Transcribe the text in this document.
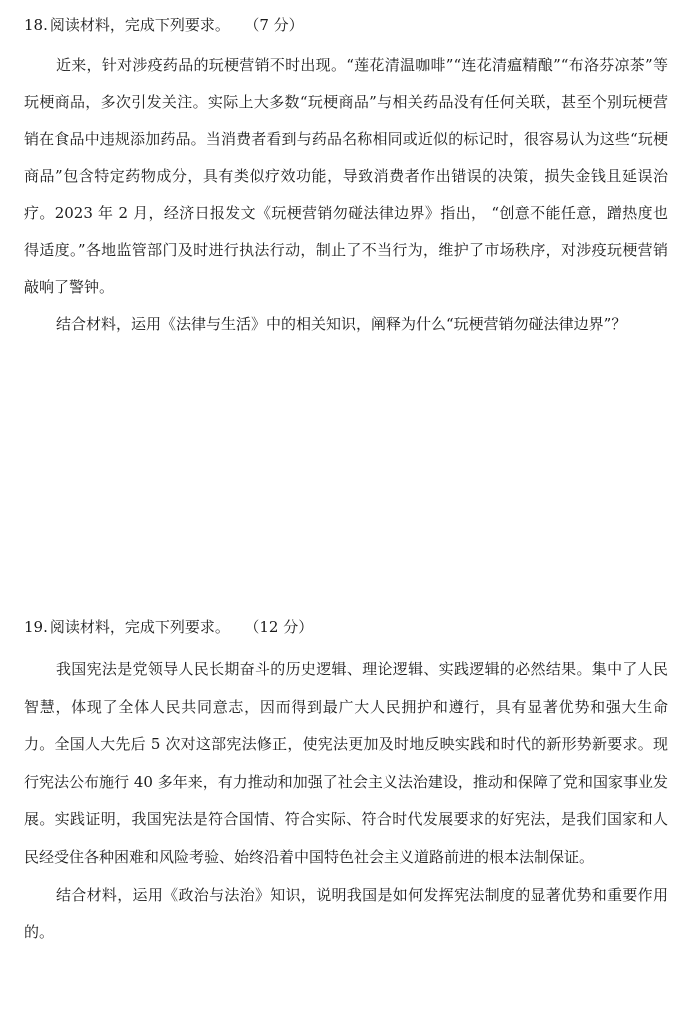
18. 阅读材料，完成下列要求。 （7 分）

近来，针对涉疫药品的玩梗营销不时出现。“莲花清温咖啡”“连花清瘟精酿”“布洛芬凉茶”等玩梗商品，多次引发关注。实际上大多数“玩梗商品”与相关药品没有任何关联，甚至个别玩梗营销在食品中违规添加药品。当消费者看到与药品名称相同或近似的标记时，很容易认为这些“玩梗商品”包含特定药物成分，具有类似疗效功能，导致消费者作出错误的决策，损失金钱且延误治疗。2023 年 2 月，经济日报发文《玩梗营销勿碰法律边界》指出， “创意不能任意，蹭热度也得适度。”各地监管部门及时进行执法行动，制止了不当行为，维护了市场秩序，对涉疫玩梗营销敲响了警钟。

结合材料，运用《法律与生活》中的相关知识，阐释为什么“玩梗营销勿碰法律边界”？

19. 阅读材料，完成下列要求。 （12 分）

我国宪法是党领导人民长期奋斗的历史逻辑、理论逻辑、实践逻辑的必然结果。集中了人民智慧，体现了全体人民共同意志，因而得到最广大人民拥护和遵行，具有显著优势和强大生命力。全国人大先后 5 次对这部宪法修正，使宪法更加及时地反映实践和时代的新形势新要求。现行宪法公布施行 40 多年来，有力推动和加强了社会主义法治建设，推动和保障了党和国家事业发展。实践证明，我国宪法是符合国情、符合实际、符合时代发展要求的好宪法，是我们国家和人民经受住各种困难和风险考验、始终沿着中国特色社会主义道路前进的根本法制保证。

结合材料，运用《政治与法治》知识，说明我国是如何发挥宪法制度的显著优势和重要作用的。
